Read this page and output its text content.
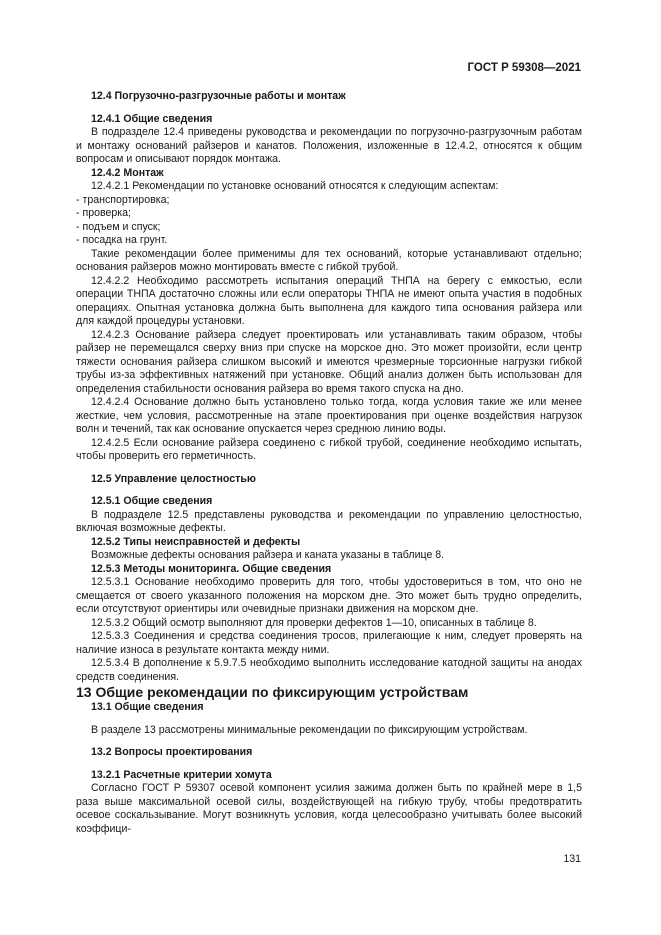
ГОСТ Р 59308—2021

12.4 Погрузочно-разгрузочные работы и монтаж

12.4.1 Общие сведения

В подразделе 12.4 приведены руководства и рекомендации по погрузочно-разгрузочным работам и монтажу оснований райзеров и канатов. Положения, изложенные в 12.4.2, относятся к общим вопросам и описывают порядок монтажа.

12.4.2 Монтаж

12.4.2.1 Рекомендации по установке оснований относятся к следующим аспектам:

- транспортировка;

- проверка;

- подъем и спуск;

- посадка на грунт.

Такие рекомендации более применимы для тех оснований, которые устанавливают отдельно; основания райзеров можно монтировать вместе с гибкой трубой.

12.4.2.2 Необходимо рассмотреть испытания операций ТНПА на берегу с емкостью, если операции ТНПА достаточно сложны или если операторы ТНПА не имеют опыта участия в подобных операциях. Опытная установка должна быть выполнена для каждого типа основания райзера или для каждой процедуры установки.

12.4.2.3 Основание райзера следует проектировать или устанавливать таким образом, чтобы райзер не перемещался сверху вниз при спуске на морское дно. Это может произойти, если центр тяжести основания райзера слишком высокий и имеются чрезмерные торсионные нагрузки гибкой трубы из-за эффективных натяжений при установке. Общий анализ должен быть использован для определения стабильности основания райзера во время такого спуска на дно.

12.4.2.4 Основание должно быть установлено только тогда, когда условия такие же или менее жесткие, чем условия, рассмотренные на этапе проектирования при оценке воздействия нагрузок волн и течений, так как основание опускается через среднюю линию воды.

12.4.2.5 Если основание райзера соединено с гибкой трубой, соединение необходимо испытать, чтобы проверить его герметичность.

12.5 Управление целостностью

12.5.1 Общие сведения

В подразделе 12.5 представлены руководства и рекомендации по управлению целостностью, включая возможные дефекты.

12.5.2 Типы неисправностей и дефекты

Возможные дефекты основания райзера и каната указаны в таблице 8.

12.5.3 Методы мониторинга. Общие сведения

12.5.3.1 Основание необходимо проверить для того, чтобы удостовериться в том, что оно не смещается от своего указанного положения на морском дне. Это может быть трудно определить, если отсутствуют ориентиры или очевидные признаки движения на морском дне.

12.5.3.2 Общий осмотр выполняют для проверки дефектов 1—10, описанных в таблице 8.

12.5.3.3 Соединения и средства соединения тросов, прилегающие к ним, следует проверять на наличие износа в результате контакта между ними.

12.5.3.4 В дополнение к 5.9.7.5 необходимо выполнить исследование катодной защиты на анодах средств соединения.

13 Общие рекомендации по фиксирующим устройствам

13.1 Общие сведения

В разделе 13 рассмотрены минимальные рекомендации по фиксирующим устройствам.

13.2 Вопросы проектирования

13.2.1 Расчетные критерии хомута

Согласно ГОСТ Р 59307 осевой компонент усилия зажима должен быть по крайней мере в 1,5 раза выше максимальной осевой силы, воздействующей на гибкую трубу, чтобы предотвратить осевое соскальзывание. Могут возникнуть условия, когда целесообразно учитывать более высокий коэффици-

131
